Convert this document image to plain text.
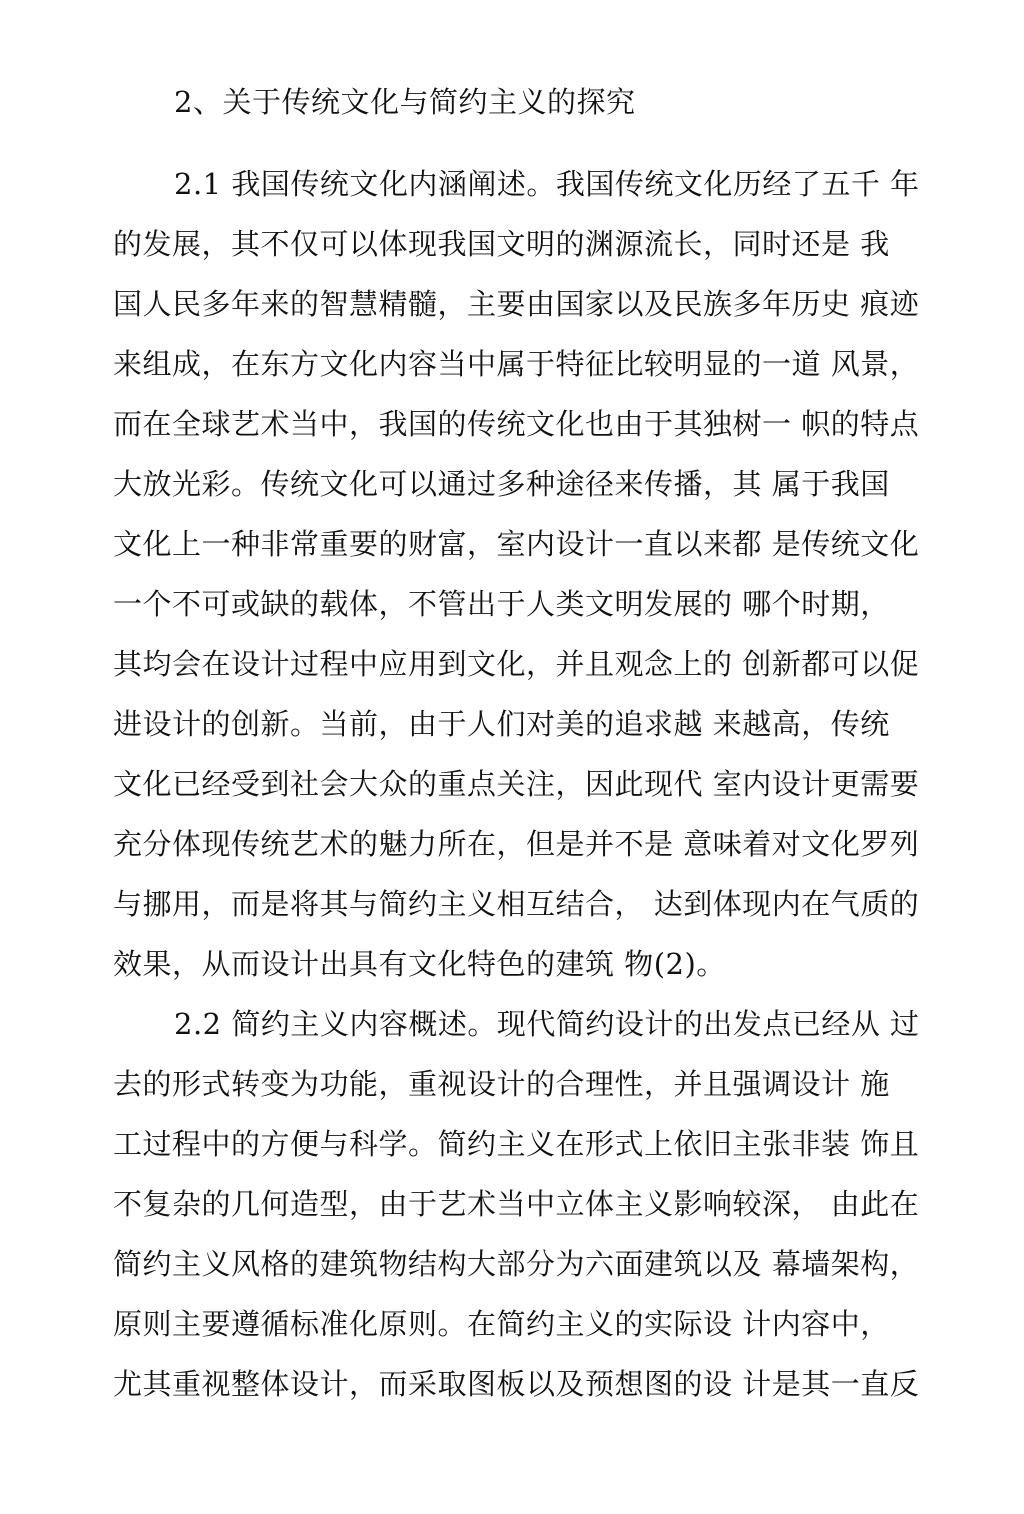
2、关于传统文化与简约主义的探究
2.1 我国传统文化内涵阐述。我国传统文化历经了五千 年
的发展，其不仅可以体现我国文明的渊源流长，同时还是 我
国人民多年来的智慧精髓，主要由国家以及民族多年历史 痕迹
来组成，在东方文化内容当中属于特征比较明显的一道 风景，
而在全球艺术当中，我国的传统文化也由于其独树一 帜的特点
大放光彩。传统文化可以通过多种途径来传播，其 属于我国
文化上一种非常重要的财富，室内设计一直以来都 是传统文化
一个不可或缺的载体，不管出于人类文明发展的 哪个时期，
其均会在设计过程中应用到文化，并且观念上的 创新都可以促
进设计的创新。当前，由于人们对美的追求越 来越高，传统
文化已经受到社会大众的重点关注，因此现代 室内设计更需要
充分体现传统艺术的魅力所在，但是并不是 意味着对文化罗列
与挪用，而是将其与简约主义相互结合， 达到体现内在气质的
效果，从而设计出具有文化特色的建筑 物(2)。
2.2 简约主义内容概述。现代简约设计的出发点已经从 过
去的形式转变为功能，重视设计的合理性，并且强调设计 施
工过程中的方便与科学。简约主义在形式上依旧主张非装 饰且
不复杂的几何造型，由于艺术当中立体主义影响较深， 由此在
简约主义风格的建筑物结构大部分为六面建筑以及 幕墙架构，
原则主要遵循标准化原则。在简约主义的实际设 计内容中，
尤其重视整体设计，而采取图板以及预想图的设 计是其一直反
